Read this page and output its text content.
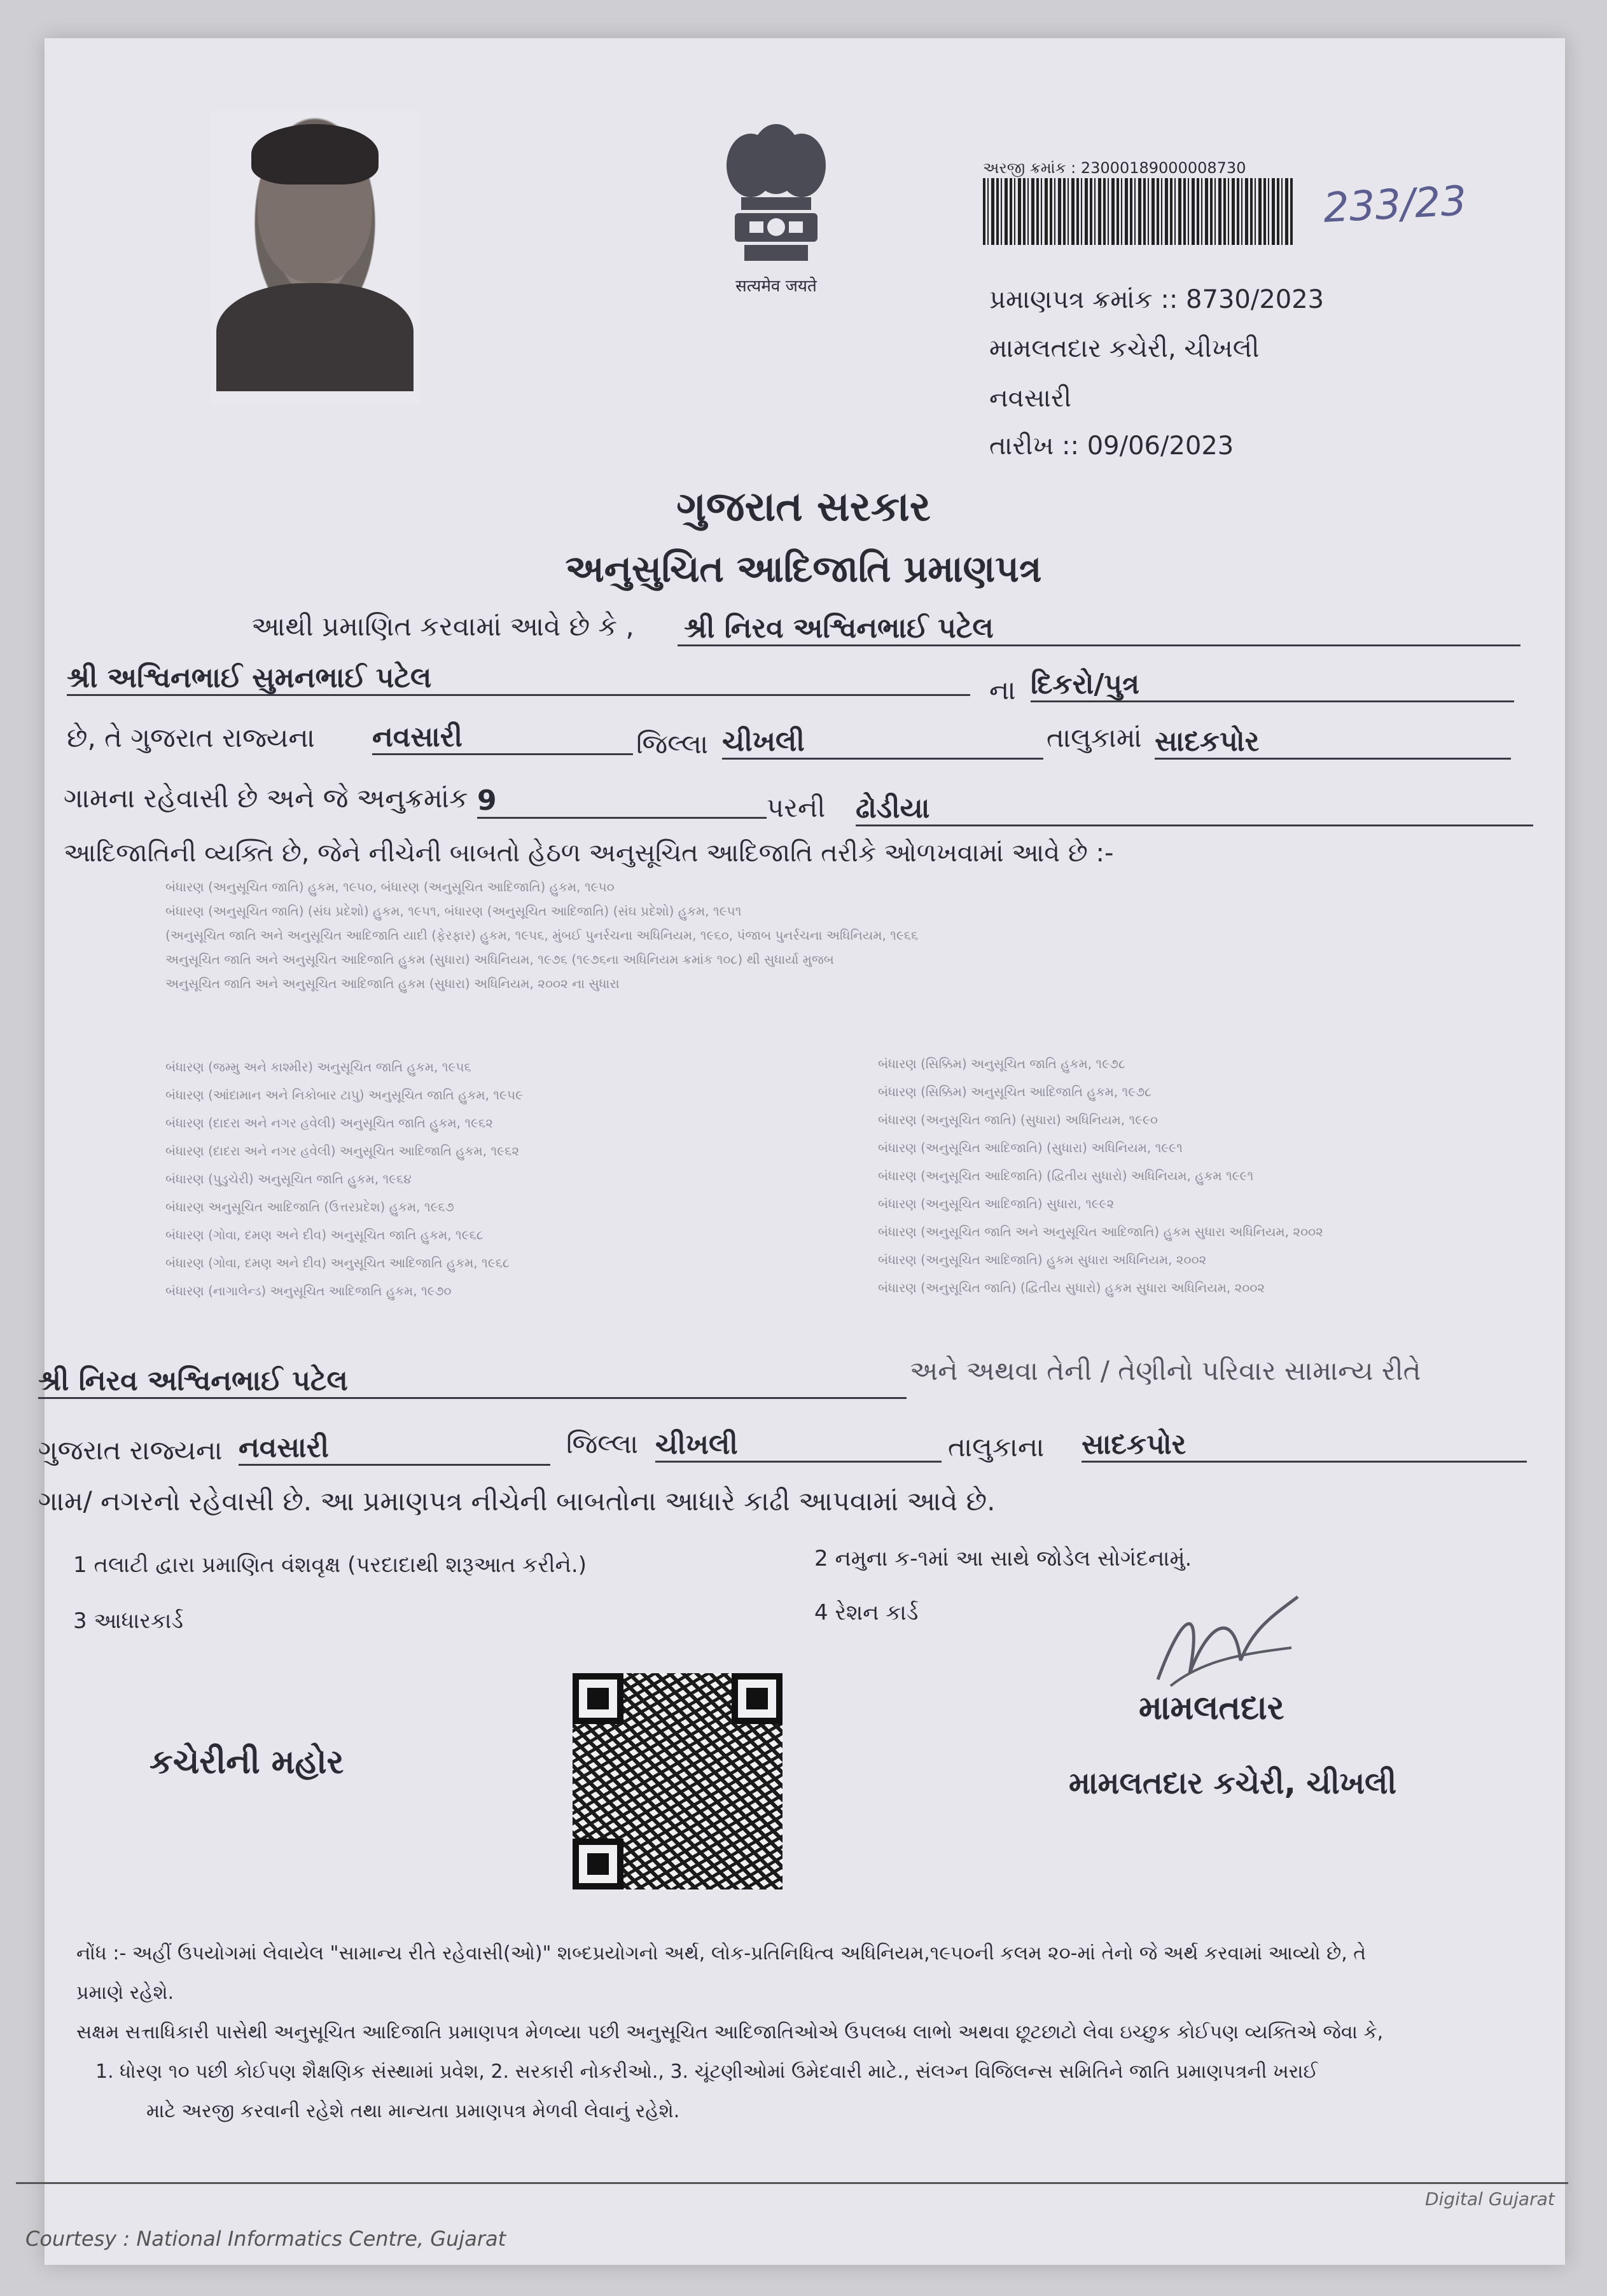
सत्यमेव जयते
અરજી ક્રમાંક : 23000189000008730
233/23
પ્રમાણપત્ર ક્રમાંક :: 8730/2023
મામલતદાર કચેરી, ચીખલી
નવસારી
તારીખ :: 09/06/2023
ગુજરાત સરકાર
અનુસુચિત આદિજાતિ પ્રમાણપત્ર
આથી પ્રમાણિત કરવામાં આવે છે કે , શ્રી નિરવ અશ્વિનભાઈ પટેલ
શ્રી અશ્વિનભાઈ સુમનભાઈ પટેલ	ના દિકરો/પુત્ર
છે, તે ગુજરાત રાજ્યના નવસારી	જિલ્લા ચીખલી	તાલુકામાં સાદકપોર
ગામના રહેવાસી છે અને જે અનુક્રમાંક 9	પરની ઢોડીયા
આદિજાતિની વ્યક્તિ છે, જેને નીચેની બાબતો હેઠળ અનુસૂચિત આદિજાતિ તરીકે ઓળખવામાં આવે છે :-
બંધારણ (અનુસૂચિત જાતિ) હુકમ, ૧૯૫૦, બંધારણ (અનુસૂચિત આદિજાતિ) હુકમ, ૧૯૫૦
બંધારણ (અનુસૂચિત જાતિ) (સંઘ પ્રદેશો) હુકમ, ૧૯૫૧, બંધારણ (અનુસૂચિત આદિજાતિ) (સંઘ પ્રદેશો) હુકમ, ૧૯૫૧
(અનુસૂચિત જાતિ અને અનુસૂચિત આદિજાતિ યાદી (ફેરફાર) હુકમ, ૧૯૫૬, મુંબઈ પુનર્રચના અધિનિયમ, ૧૯૬૦, પંજાબ પુનર્રચના અધિનિયમ, ૧૯૬૬
અનુસૂચિત જાતિ અને અનુસૂચિત આદિજાતિ હુકમ (સુધારા) અધિનિયમ, ૧૯૭૬ (૧૯૭૬ના અધિનિયમ ક્રમાંક ૧૦૮) થી સુધાર્યા મુજબ
અનુસૂચિત જાતિ અને અનુસૂચિત આદિજાતિ હુકમ (સુધારા) અધિનિયમ, ૨૦૦૨ ના સુધારા
બંધારણ (જમ્મુ અને કાશ્મીર) અનુસૂચિત જાતિ હુકમ, ૧૯૫૬
બંધારણ (આંદામાન અને નિકોબાર ટાપુ) અનુસૂચિત જાતિ હુકમ, ૧૯૫૯
બંધારણ (દાદરા અને નગર હવેલી) અનુસૂચિત જાતિ હુકમ, ૧૯૬૨
બંધારણ (દાદરા અને નગર હવેલી) અનુસૂચિત આદિજાતિ હુકમ, ૧૯૬૨
બંધારણ (પુડુચેરી) અનુસૂચિત જાતિ હુકમ, ૧૯૬૪
બંધારણ અનુસૂચિત આદિજાતિ (ઉત્તરપ્રદેશ) હુકમ, ૧૯૬૭
બંધારણ (ગોવા, દમણ અને દીવ) અનુસૂચિત જાતિ હુકમ, ૧૯૬૮
બંધારણ (ગોવા, દમણ અને દીવ) અનુસૂચિત આદિજાતિ હુકમ, ૧૯૬૮
બંધારણ (નાગાલેન્ડ) અનુસૂચિત આદિજાતિ હુકમ, ૧૯૭૦
બંધારણ (સિક્કિમ) અનુસૂચિત જાતિ હુકમ, ૧૯૭૮
બંધારણ (સિક્કિમ) અનુસૂચિત આદિજાતિ હુકમ, ૧૯૭૮
બંધારણ (અનુસૂચિત જાતિ) (સુધારા) અધિનિયમ, ૧૯૯૦
બંધારણ (અનુસૂચિત આદિજાતિ) (સુધારા) અધિનિયમ, ૧૯૯૧
બંધારણ (અનુસૂચિત આદિજાતિ) (દ્વિતીય સુધારો) અધિનિયમ, હુકમ ૧૯૯૧
બંધારણ (અનુસૂચિત આદિજાતિ) સુધારા, ૧૯૯૨
બંધારણ (અનુસૂચિત જાતિ અને અનુસૂચિત આદિજાતિ) હુકમ સુધારા અધિનિયમ, ૨૦૦૨
બંધારણ (અનુસૂચિત આદિજાતિ) હુકમ સુધારા અધિનિયમ, ૨૦૦૨
બંધારણ (અનુસૂચિત જાતિ) (દ્વિતીય સુધારો) હુકમ સુધારા અધિનિયમ, ૨૦૦૨
શ્રી નિરવ અશ્વિનભાઈ પટેલ	અને અથવા તેની / તેણીનો પરિવાર સામાન્ય રીતે
ગુજરાત રાજ્યના નવસારી	જિલ્લા ચીખલી	તાલુકાના સાદકપોર
ગામ/ નગરનો રહેવાસી છે. આ પ્રમાણપત્ર નીચેની બાબતોના આધારે કાઢી આપવામાં આવે છે.
1 તલાટી દ્વારા પ્રમાણિત વંશવૃક્ષ (પરદાદાથી શરૂઆત કરીને.)	2 નમુના ક-૧માં આ સાથે જોડેલ સોગંદનામું.
3 આધારકાર્ડ	4 રેશન કાર્ડ
કચેરીની મહોર
મામલતદાર
મામલતદાર કચેરી, ચીખલી
નોંધ :- અહીં ઉપયોગમાં લેવાયેલ "સામાન્ય રીતે રહેવાસી(ઓ)" શબ્દપ્રયોગનો અર્થ, લોક-પ્રતિનિધિત્વ અધિનિયમ,૧૯૫૦ની કલમ ૨૦-માં તેનો જે અર્થ કરવામાં આવ્યો છે, તે
પ્રમાણે રહેશે.
સક્ષમ સત્તાધિકારી પાસેથી અનુસૂચિત આદિજાતિ પ્રમાણપત્ર મેળવ્યા પછી અનુસૂચિત આદિજાતિઓએ ઉપલબ્ધ લાભો અથવા છૂટછાટો લેવા ઇચ્છુક કોઈપણ વ્યક્તિએ જેવા કે,
1. ધોરણ ૧૦ પછી કોઈપણ શૈક્ષણિક સંસ્થામાં પ્રવેશ, 2. સરકારી નોકરીઓ., 3. ચૂંટણીઓમાં ઉમેદવારી માટે., સંલગ્ન વિજિલન્સ સમિતિને જાતિ પ્રમાણપત્રની ખરાઈ
માટે અરજી કરવાની રહેશે તથા માન્યતા પ્રમાણપત્ર મેળવી લેવાનું રહેશે.
Digital Gujarat
Courtesy : National Informatics Centre, Gujarat
